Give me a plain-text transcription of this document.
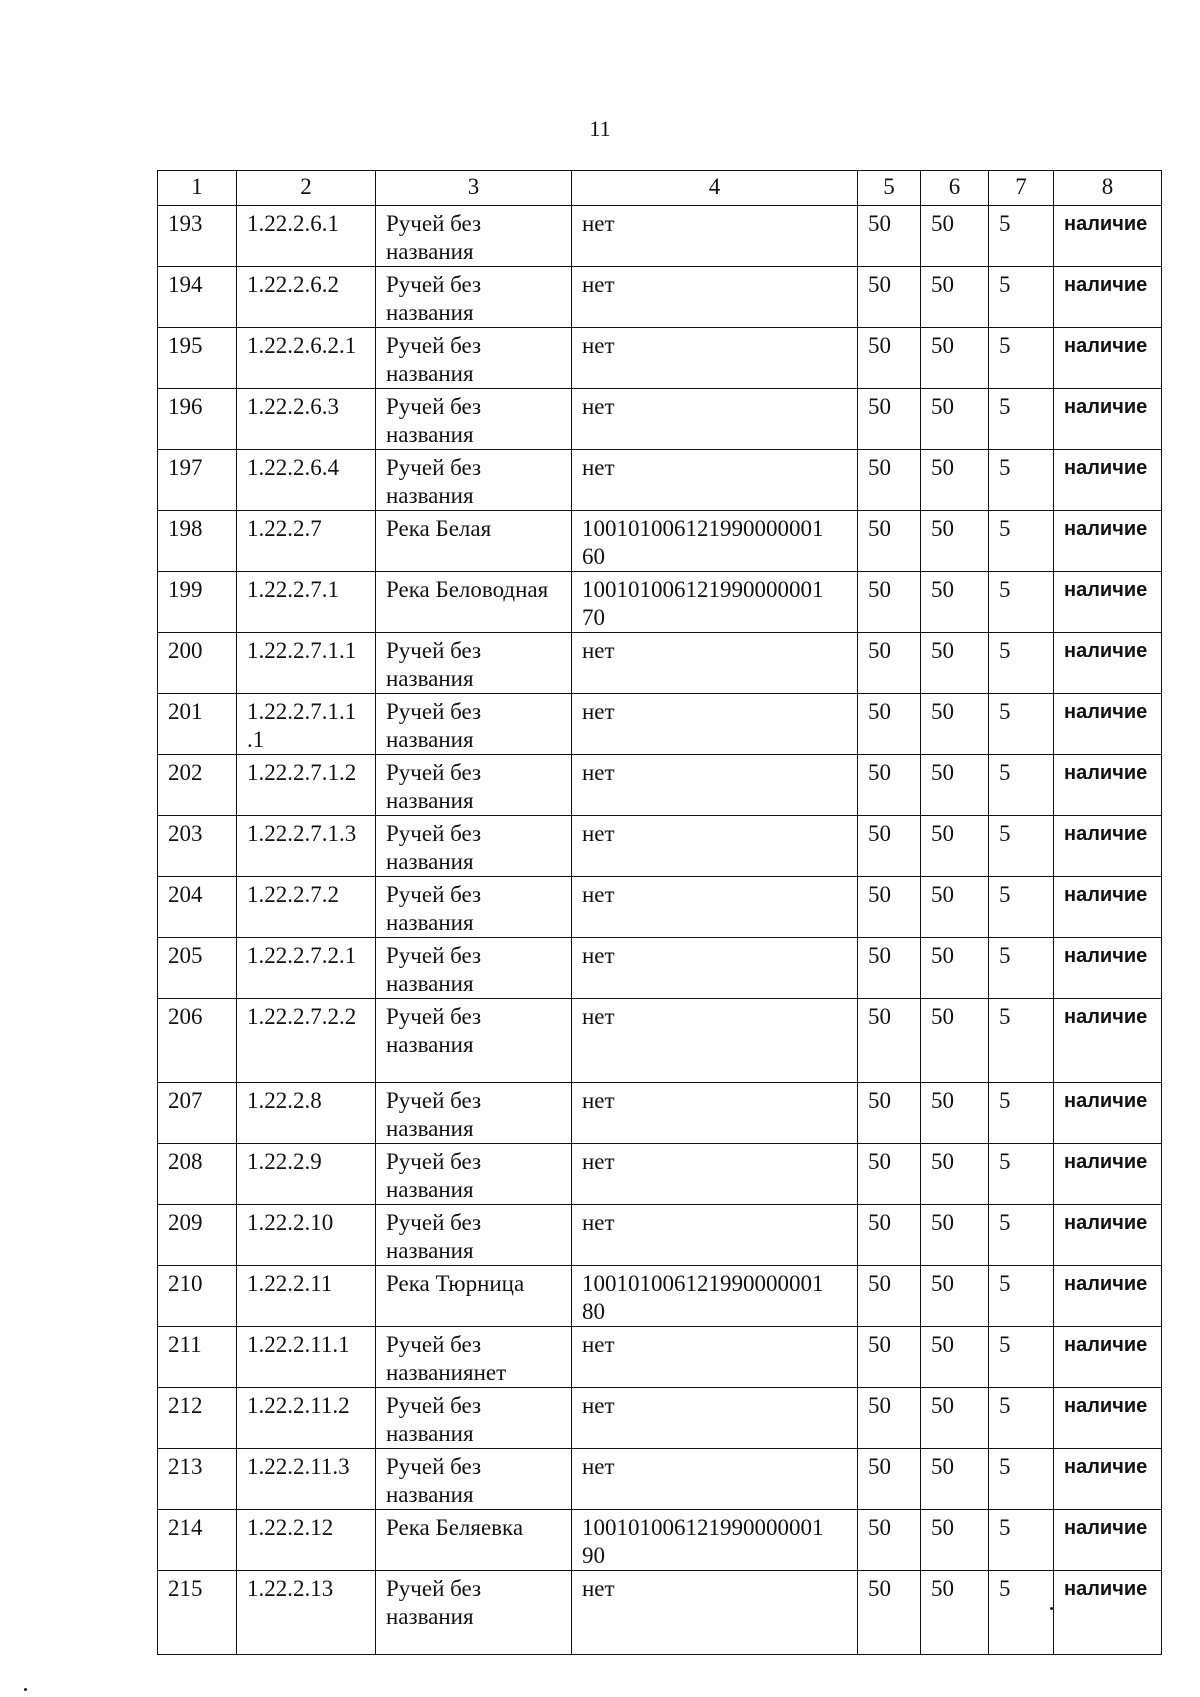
11
1	2	3	4	5	6	7	8
193	1.22.2.6.1	Ручей без названия	нет	50	50	5	наличие
194	1.22.2.6.2	Ручей без названия	нет	50	50	5	наличие
195	1.22.2.6.2.1	Ручей без названия	нет	50	50	5	наличие
196	1.22.2.6.3	Ручей без названия	нет	50	50	5	наличие
197	1.22.2.6.4	Ручей без названия	нет	50	50	5	наличие
198	1.22.2.7	Река Белая	100101006121990000001 60	50	50	5	наличие
199	1.22.2.7.1	Река Беловодная	100101006121990000001 70	50	50	5	наличие
200	1.22.2.7.1.1	Ручей без названия	нет	50	50	5	наличие
201	1.22.2.7.1.1 .1	Ручей без названия	нет	50	50	5	наличие
202	1.22.2.7.1.2	Ручей без названия	нет	50	50	5	наличие
203	1.22.2.7.1.3	Ручей без названия	нет	50	50	5	наличие
204	1.22.2.7.2	Ручей без названия	нет	50	50	5	наличие
205	1.22.2.7.2.1	Ручей без названия	нет	50	50	5	наличие
206	1.22.2.7.2.2	Ручей без названия	нет	50	50	5	наличие
207	1.22.2.8	Ручей без названия	нет	50	50	5	наличие
208	1.22.2.9	Ручей без названия	нет	50	50	5	наличие
209	1.22.2.10	Ручей без названия	нет	50	50	5	наличие
210	1.22.2.11	Река Тюрница	100101006121990000001 80	50	50	5	наличие
211	1.22.2.11.1	Ручей без названиянет	нет	50	50	5	наличие
212	1.22.2.11.2	Ручей без названия	нет	50	50	5	наличие
213	1.22.2.11.3	Ручей без названия	нет	50	50	5	наличие
214	1.22.2.12	Река Беляевка	100101006121990000001 90	50	50	5	наличие
215	1.22.2.13	Ручей без названия	нет	50	50	5	наличие
